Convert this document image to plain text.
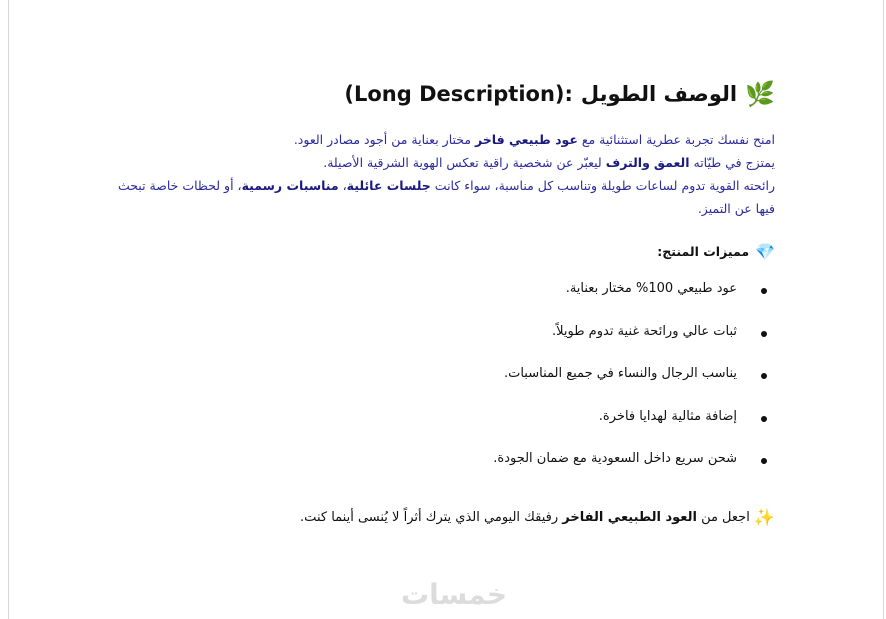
🌿
الوصف الطويل
(Long Description):
امنح نفسك تجربة عطرية استثنائية مع عود طبيعي فاخر مختار بعناية من أجود مصادر العود.
يمتزج في طيّاته العمق والترف ليعبّر عن شخصية راقية تعكس الهوية الشرقية الأصيلة.
رائحته القوية تدوم لساعات طويلة وتناسب كل مناسبة، سواء كانت جلسات عائلية، مناسبات رسمية، أو لحظات خاصة تبحث فيها عن التميز.
💎
مميزات المنتج:
عود طبيعي 100% مختار بعناية.
ثبات عالي ورائحة غنية تدوم طويلاً.
يناسب الرجال والنساء في جميع المناسبات.
إضافة مثالية لهدايا فاخرة.
شحن سريع داخل السعودية مع ضمان الجودة.
✨
اجعل من العود الطبيعي الفاخر رفيقك اليومي الذي يترك أثراً لا يُنسى أينما كنت.
خمسات
